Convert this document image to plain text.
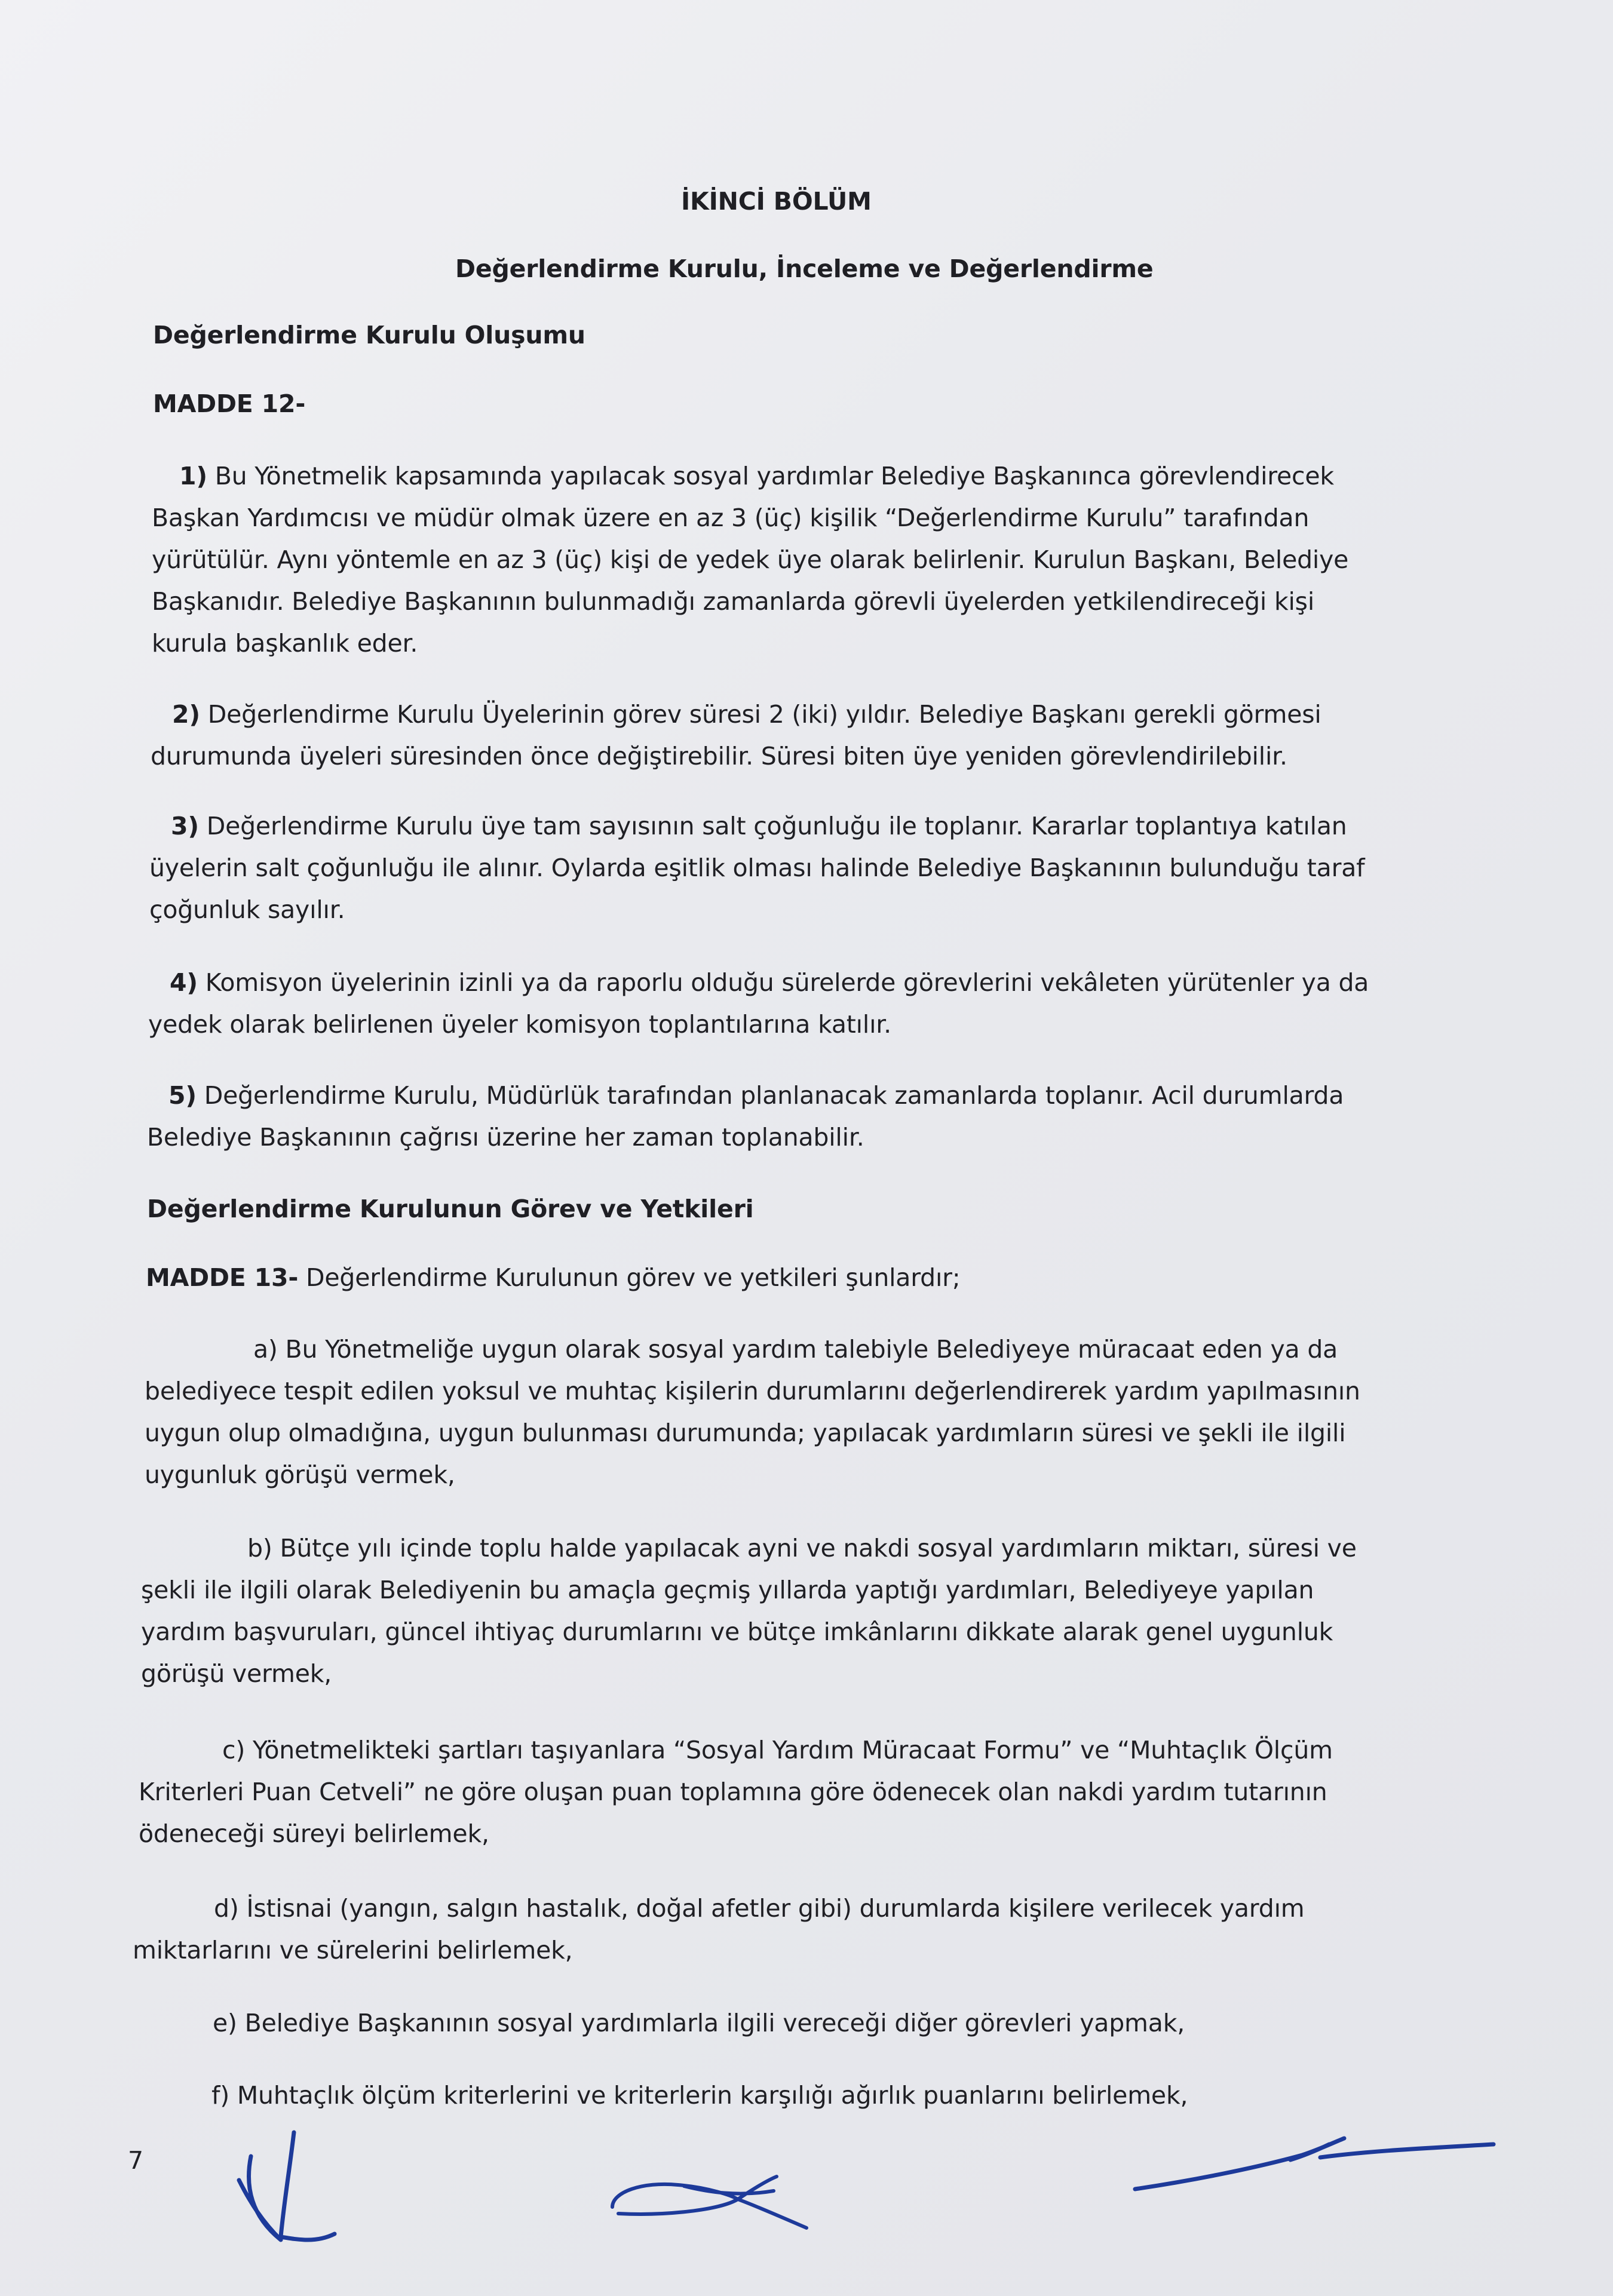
İKİNCİ BÖLÜM
Değerlendirme Kurulu, İnceleme ve Değerlendirme
Değerlendirme Kurulu Oluşumu
MADDE 12-
1) Bu Yönetmelik kapsamında yapılacak sosyal yardımlar Belediye Başkanınca görevlendirecek
Başkan Yardımcısı ve müdür olmak üzere en az 3 (üç) kişilik “Değerlendirme Kurulu” tarafından
yürütülür. Aynı yöntemle en az 3 (üç) kişi de yedek üye olarak belirlenir. Kurulun Başkanı, Belediye
Başkanıdır. Belediye Başkanının bulunmadığı zamanlarda görevli üyelerden yetkilendireceği kişi
kurula başkanlık eder.
2) Değerlendirme Kurulu Üyelerinin görev süresi 2 (iki) yıldır. Belediye Başkanı gerekli görmesi
durumunda üyeleri süresinden önce değiştirebilir. Süresi biten üye yeniden görevlendirilebilir.
3) Değerlendirme Kurulu üye tam sayısının salt çoğunluğu ile toplanır. Kararlar toplantıya katılan
üyelerin salt çoğunluğu ile alınır. Oylarda eşitlik olması halinde Belediye Başkanının bulunduğu taraf
çoğunluk sayılır.
4) Komisyon üyelerinin izinli ya da raporlu olduğu sürelerde görevlerini vekâleten yürütenler ya da
yedek olarak belirlenen üyeler komisyon toplantılarına katılır.
5) Değerlendirme Kurulu, Müdürlük tarafından planlanacak zamanlarda toplanır. Acil durumlarda
Belediye Başkanının çağrısı üzerine her zaman toplanabilir.
Değerlendirme Kurulunun Görev ve Yetkileri
MADDE 13- Değerlendirme Kurulunun görev ve yetkileri şunlardır;
a) Bu Yönetmeliğe uygun olarak sosyal yardım talebiyle Belediyeye müracaat eden ya da
belediyece tespit edilen yoksul ve muhtaç kişilerin durumlarını değerlendirerek yardım yapılmasının
uygun olup olmadığına, uygun bulunması durumunda; yapılacak yardımların süresi ve şekli ile ilgili
uygunluk görüşü vermek,
b) Bütçe yılı içinde toplu halde yapılacak ayni ve nakdi sosyal yardımların miktarı, süresi ve
şekli ile ilgili olarak Belediyenin bu amaçla geçmiş yıllarda yaptığı yardımları, Belediyeye yapılan
yardım başvuruları, güncel ihtiyaç durumlarını ve bütçe imkânlarını dikkate alarak genel uygunluk
görüşü vermek,
c) Yönetmelikteki şartları taşıyanlara “Sosyal Yardım Müracaat Formu” ve “Muhtaçlık Ölçüm
Kriterleri Puan Cetveli” ne göre oluşan puan toplamına göre ödenecek olan nakdi yardım tutarının
ödeneceği süreyi belirlemek,
d) İstisnai (yangın, salgın hastalık, doğal afetler gibi) durumlarda kişilere verilecek yardım
miktarlarını ve sürelerini belirlemek,
e) Belediye Başkanının sosyal yardımlarla ilgili vereceği diğer görevleri yapmak,
f) Muhtaçlık ölçüm kriterlerini ve kriterlerin karşılığı ağırlık puanlarını belirlemek,
7
